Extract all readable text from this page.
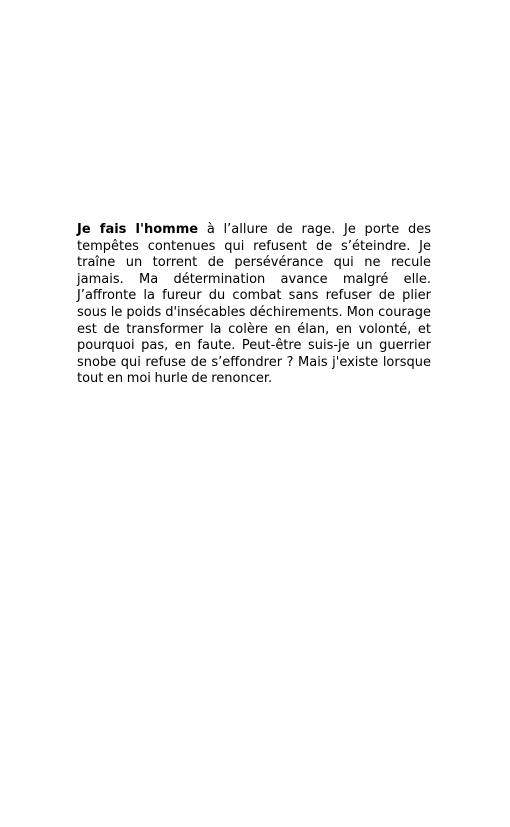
Je fais l'homme à l’allure de rage. Je porte des tempêtes contenues qui refusent de s’éteindre. Je traîne un torrent de persévérance qui ne recule jamais. Ma détermination avance malgré elle. J’affronte la fureur du combat sans refuser de plier sous le poids d'insécables déchirements. Mon courage est de transformer la colère en élan, en volonté, et pourquoi pas, en faute. Peut-être suis-je un guerrier snobe qui refuse de s’effondrer ? Mais j'existe lorsque tout en moi hurle de renoncer.
